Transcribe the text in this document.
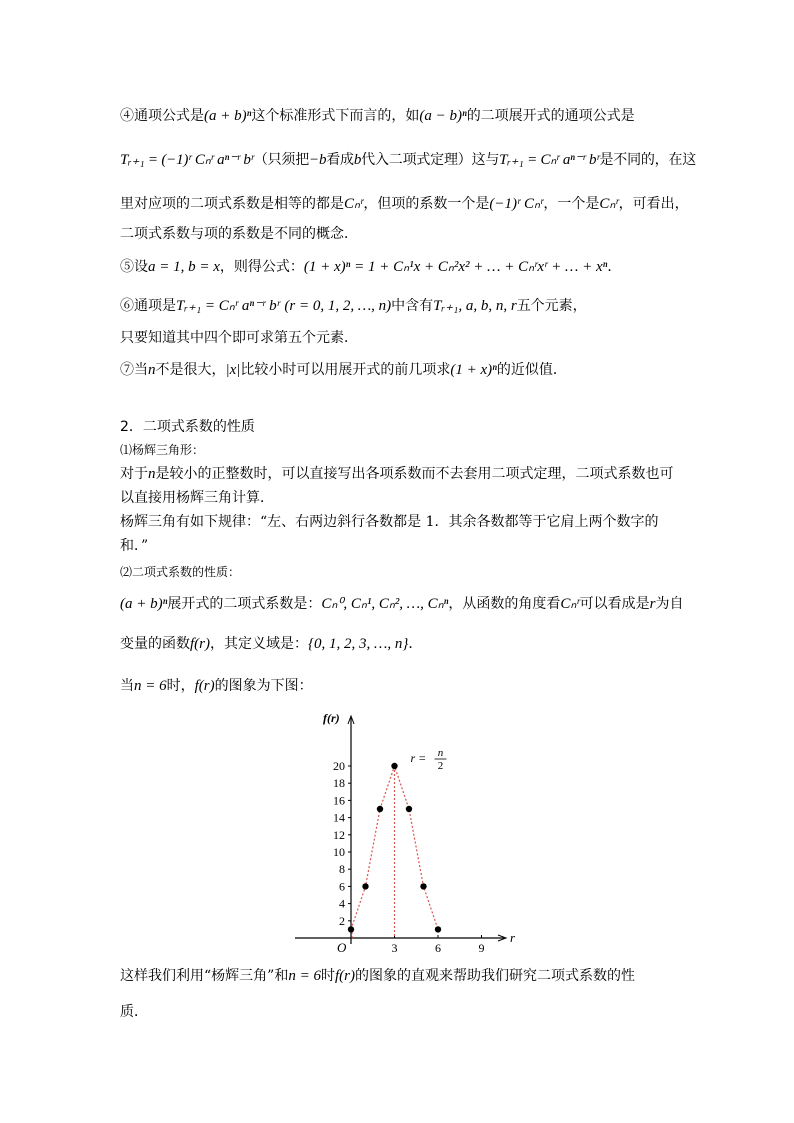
④通项公式是(a + b)ⁿ这个标准形式下而言的，如(a − b)ⁿ的二项展开式的通项公式是
Tᵣ₊₁ = (−1)ʳ Cₙʳ aⁿ⁻ʳ bʳ（只须把−b看成b代入二项式定理）这与Tᵣ₊₁ = Cₙʳ aⁿ⁻ʳ bʳ是不同的，在这
里对应项的二项式系数是相等的都是Cₙʳ，但项的系数一个是(−1)ʳ Cₙʳ，一个是Cₙʳ，可看出，
二项式系数与项的系数是不同的概念．
⑤设a = 1, b = x，则得公式：(1 + x)ⁿ = 1 + Cₙ¹x + Cₙ²x² + … + Cₙʳxʳ + … + xⁿ．
⑥通项是Tᵣ₊₁ = Cₙʳ aⁿ⁻ʳ bʳ (r = 0, 1, 2, …, n)中含有Tᵣ₊₁, a, b, n, r五个元素，
只要知道其中四个即可求第五个元素．
⑦当n不是很大，|x|比较小时可以用展开式的前几项求(1 + x)ⁿ的近似值．
2．二项式系数的性质
⑴杨辉三角形：
对于n是较小的正整数时，可以直接写出各项系数而不去套用二项式定理，二项式系数也可
以直接用杨辉三角计算．
杨辉三角有如下规律：“左、右两边斜行各数都是 1．其余各数都等于它肩上两个数字的
和．”
⑵二项式系数的性质：
(a + b)ⁿ展开式的二项式系数是：Cₙ⁰, Cₙ¹, Cₙ², …, Cₙⁿ，从函数的角度看Cₙʳ可以看成是r为自
变量的函数f(r)，其定义域是：{0, 1, 2, 3, …, n}．
当n = 6时，f(r)的图象为下图：
2
4
6
8
10
12
14
16
18
20
3	6	9
f(r)
r
O
r = n
2
这样我们利用“杨辉三角”和n = 6时f(r)的图象的直观来帮助我们研究二项式系数的性
质．
